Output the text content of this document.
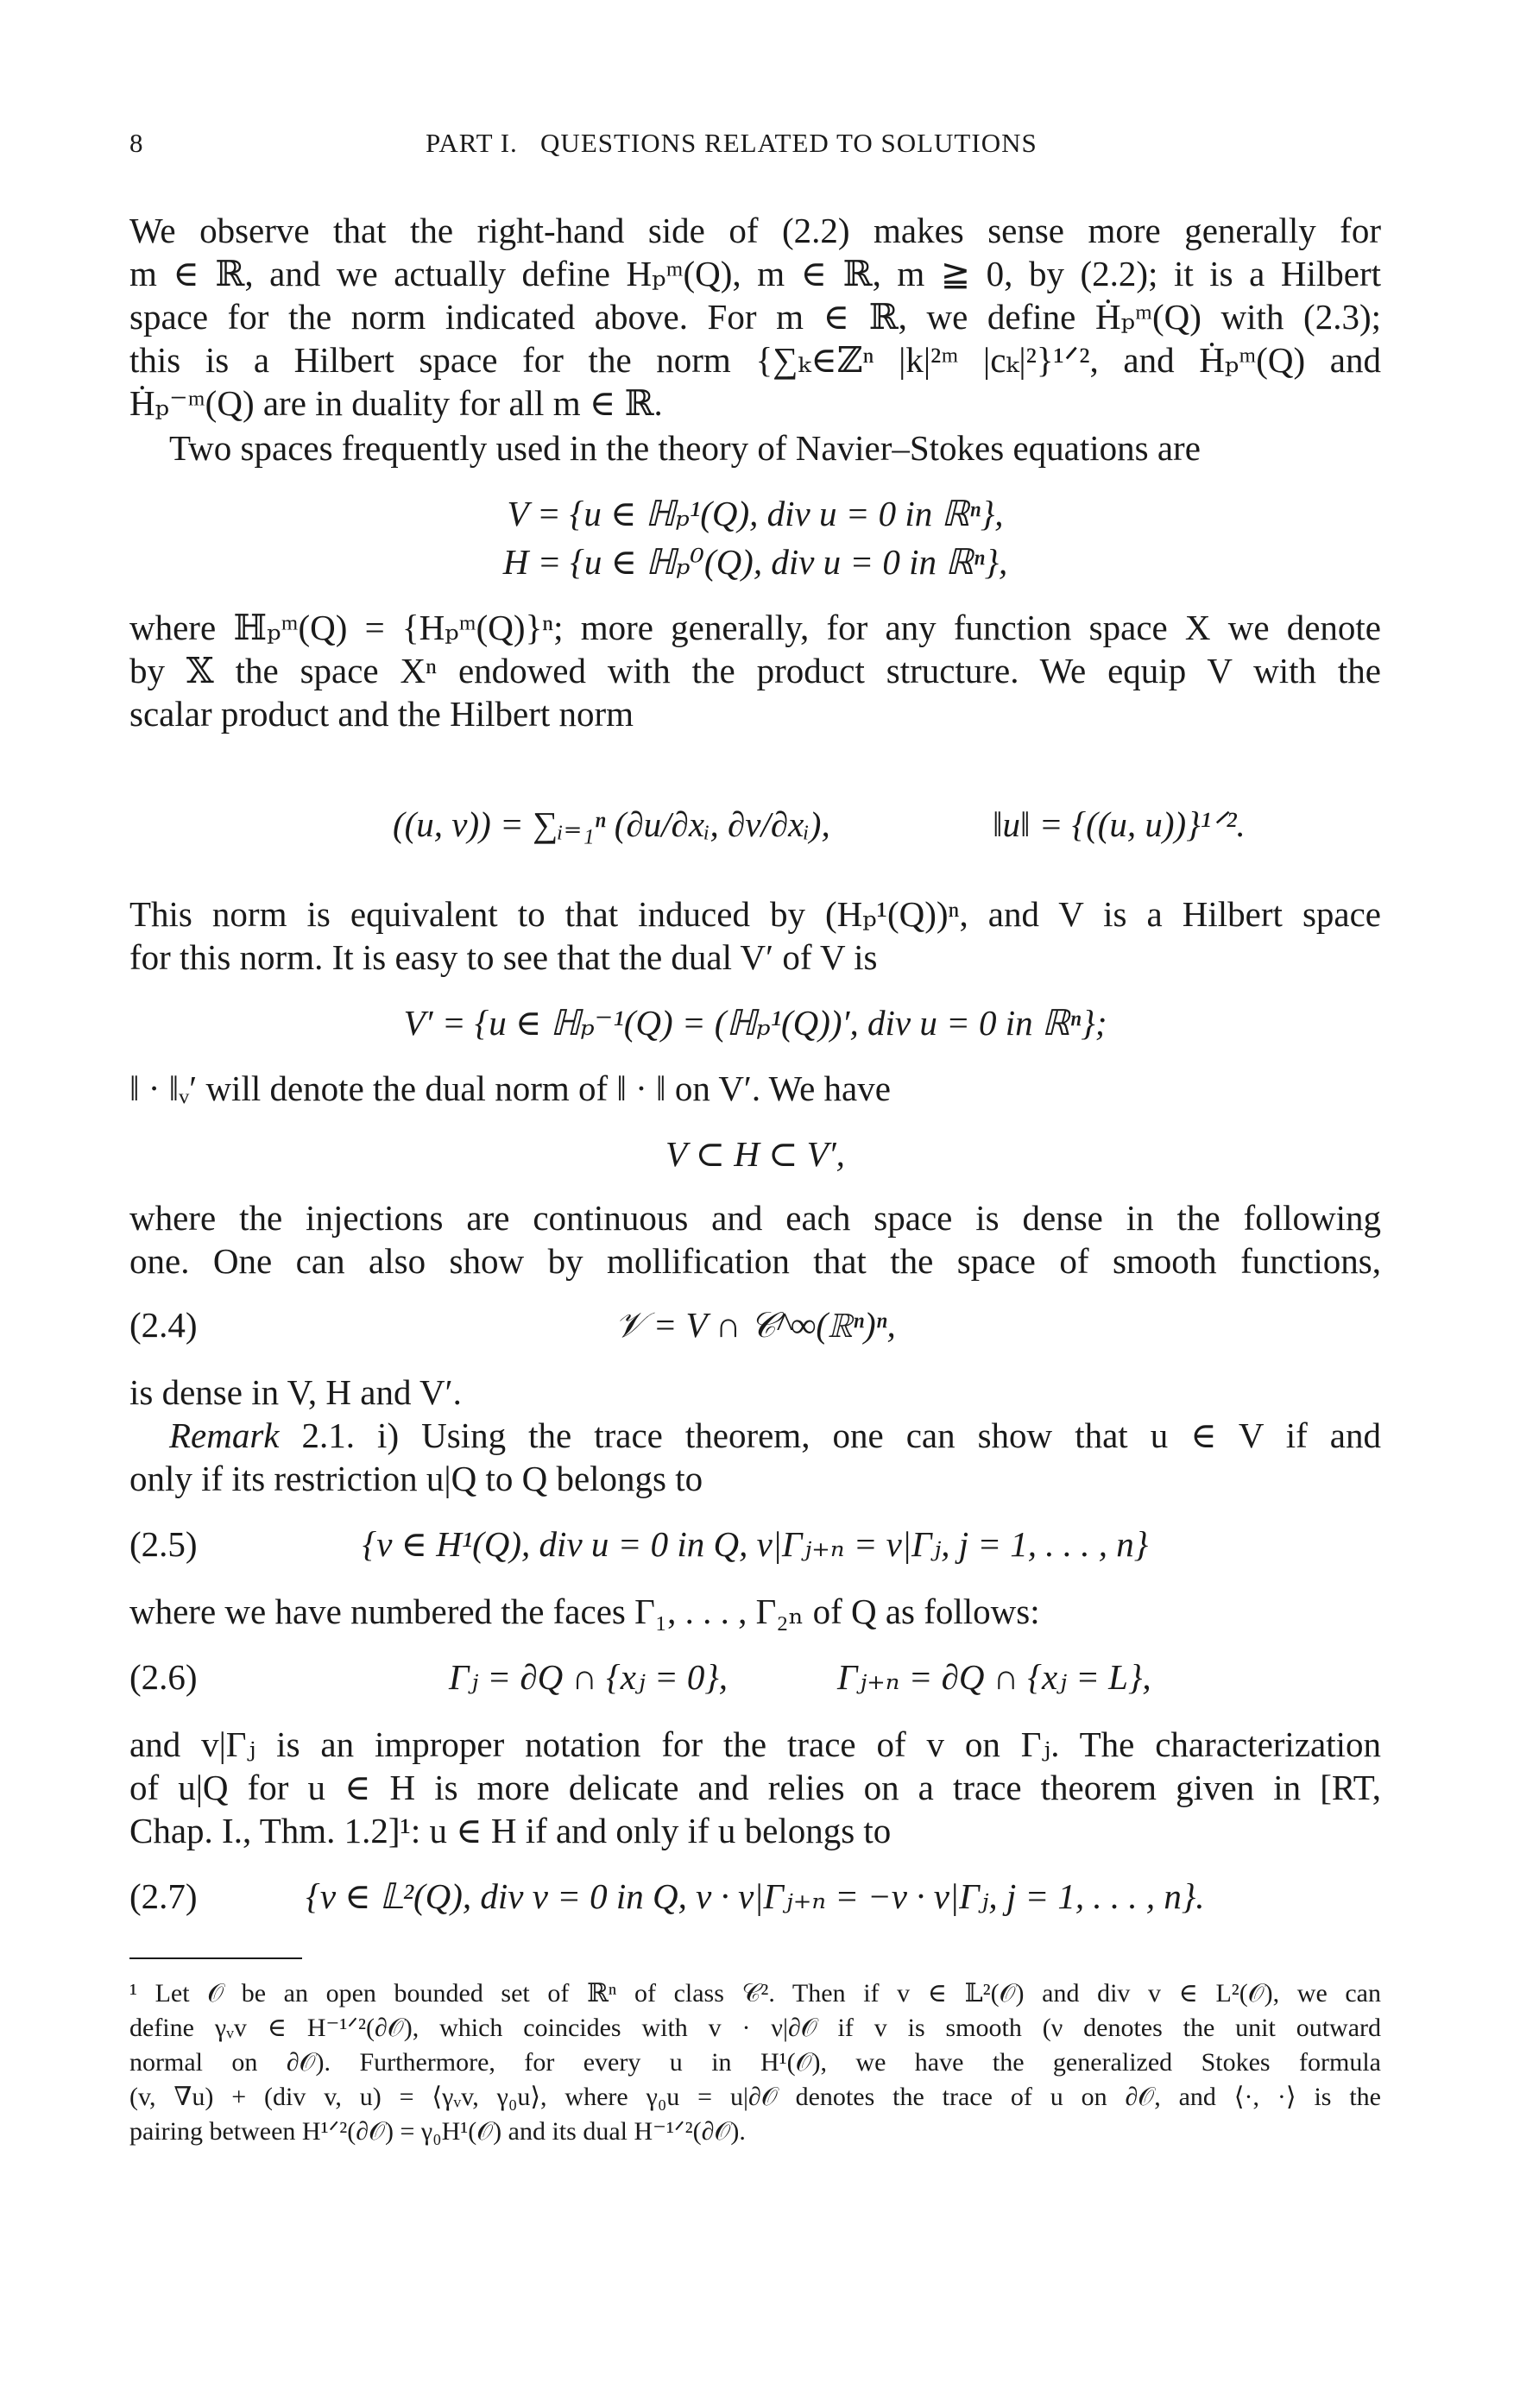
8	PART I.   QUESTIONS RELATED TO SOLUTIONS
We observe that the right-hand side of (2.2) makes sense more generally for
m ∈ ℝ, and we actually define Hₚᵐ(Q), m ∈ ℝ, m ≧ 0, by (2.2); it is a Hilbert
space for the norm indicated above. For m ∈ ℝ, we define Ḣₚᵐ(Q) with (2.3);
this is a Hilbert space for the norm {∑ₖ∈ℤⁿ |k|²ᵐ |cₖ|²}¹ᐟ², and Ḣₚᵐ(Q) and
Ḣₚ⁻ᵐ(Q) are in duality for all m ∈ ℝ.
Two spaces frequently used in the theory of Navier–Stokes equations are
V = {u ∈ ℍₚ¹(Q), div u = 0 in ℝⁿ},
H = {u ∈ ℍₚ⁰(Q), div u = 0 in ℝⁿ},
where ℍₚᵐ(Q) = {Hₚᵐ(Q)}ⁿ; more generally, for any function space X we denote
by 𝕏 the space Xⁿ endowed with the product structure. We equip V with the
scalar product and the Hilbert norm
((u, v)) = ∑ᵢ₌₁ⁿ (∂u/∂xᵢ, ∂v/∂xᵢ),	‖u‖ = {((u, u))}¹ᐟ².
This norm is equivalent to that induced by (Hₚ¹(Q))ⁿ, and V is a Hilbert space
for this norm. It is easy to see that the dual V′ of V is
V′ = {u ∈ ℍₚ⁻¹(Q) = (ℍₚ¹(Q))′, div u = 0 in ℝⁿ};
‖ · ‖ᵥ′ will denote the dual norm of ‖ · ‖ on V′. We have
V ⊂ H ⊂ V′,
where the injections are continuous and each space is dense in the following
one. One can also show by mollification that the space of smooth functions,
(2.4)	𝒱 = V ∩ 𝒞^∞(ℝⁿ)ⁿ,
is dense in V, H and V′.
Remark 2.1. i) Using the trace theorem, one can show that u ∈ V if and
only if its restriction u|Q to Q belongs to
(2.5)	{v ∈ H¹(Q), div u = 0 in Q, v|Γⱼ₊ₙ = v|Γⱼ, j = 1, . . . , n}
where we have numbered the faces Γ₁, . . . , Γ₂ₙ of Q as follows:
(2.6)	Γⱼ = ∂Q ∩ {xⱼ = 0},	Γⱼ₊ₙ = ∂Q ∩ {xⱼ = L},
and v|Γⱼ is an improper notation for the trace of v on Γⱼ. The characterization
of u|Q for u ∈ H is more delicate and relies on a trace theorem given in [RT,
Chap. I., Thm. 1.2]¹: u ∈ H if and only if u belongs to
(2.7)	{v ∈ 𝕃²(Q), div v = 0 in Q, v · ν|Γⱼ₊ₙ = −v · ν|Γⱼ, j = 1, . . . , n}.
¹ Let 𝒪 be an open bounded set of ℝⁿ of class 𝒞². Then if v ∈ 𝕃²(𝒪) and div v ∈ L²(𝒪), we can
define γᵥv ∈ H⁻¹ᐟ²(∂𝒪), which coincides with v · ν|∂𝒪 if v is smooth (ν denotes the unit outward
normal on ∂𝒪). Furthermore, for every u in H¹(𝒪), we have the generalized Stokes formula
(v, ∇u) + (div v, u) = ⟨γᵥv, γ₀u⟩, where γ₀u = u|∂𝒪 denotes the trace of u on ∂𝒪, and ⟨·, ·⟩ is the
pairing between H¹ᐟ²(∂𝒪) = γ₀H¹(𝒪) and its dual H⁻¹ᐟ²(∂𝒪).
